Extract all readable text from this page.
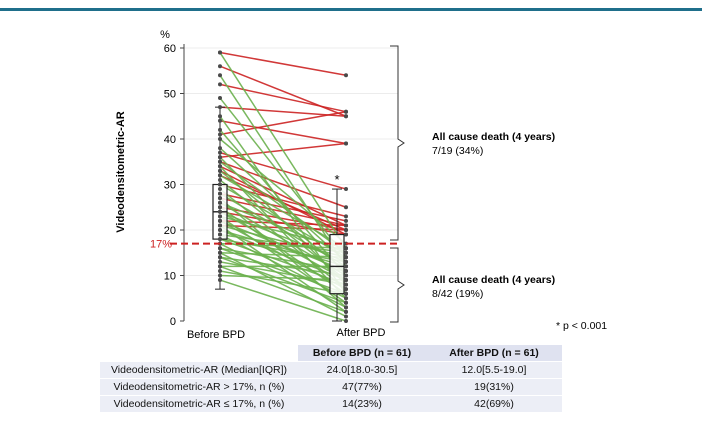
0
10
20
30
40
50
60
%
Videodensitometric-AR	*
17%
Before BPD	After BPD
All cause death (4 years)
7/19 (34%)
All cause death (4 years)
8/42 (19%)
* p < 0.001
	Before BPD (n = 61)	After BPD (n = 61)
Videodensitometric-AR (Median[IQR])	24.0[18.0-30.5]	12.0[5.5-19.0]
Videodensitometric-AR > 17%, n (%)	47(77%)	19(31%)
Videodensitometric-AR ≤ 17%, n (%)	14(23%)	42(69%)
